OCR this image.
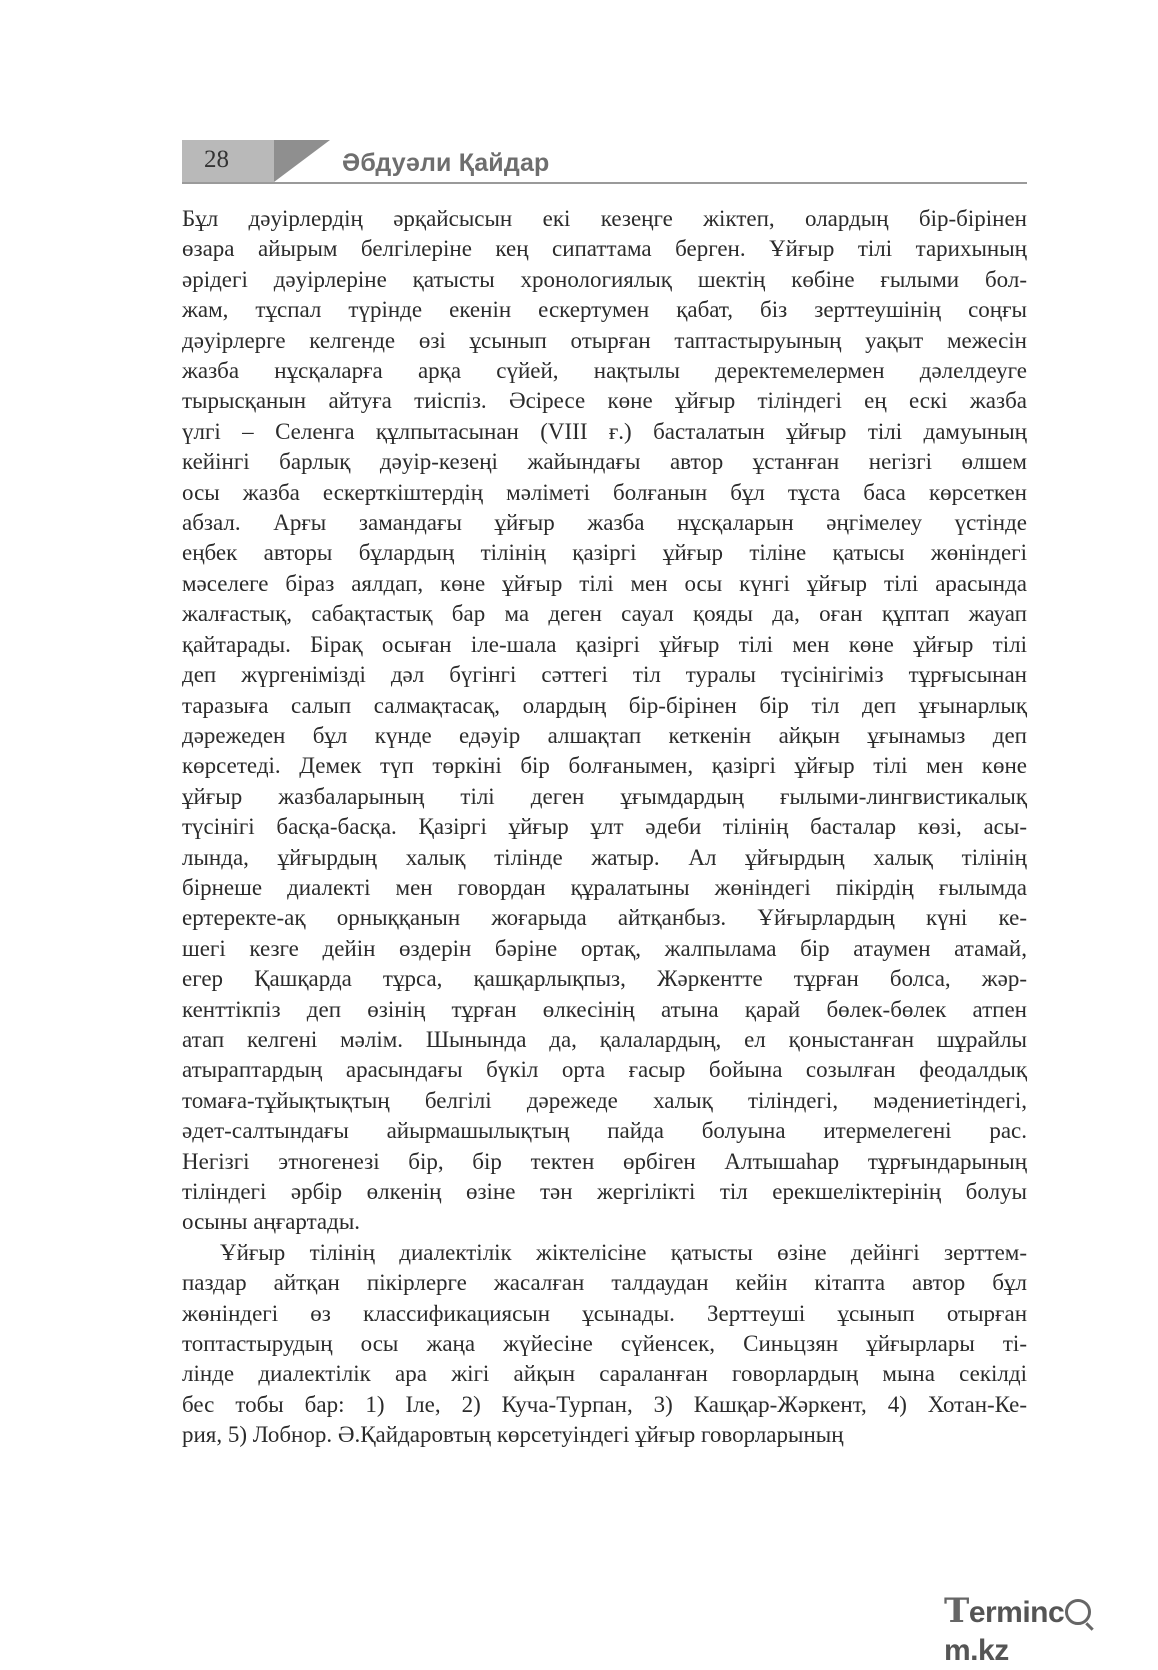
28	Әбдуәли Қайдар

Бұл дәуірлердің әрқайсысын екі кезеңге жіктеп, олардың бір-бірінен

өзара айырым белгілеріне кең сипаттама берген. Ұйғыр тілі тарихының

әрідегі дәуірлеріне қатысты хронологиялық шектің көбіне ғылыми бол-

жам, тұспал түрінде екенін ескертумен қабат, біз зерттеушінің соңғы

дәуірлерге келгенде өзі ұсынып отырған таптастыруының уақыт межесін

жазба нұсқаларға арқа сүйей, нақтылы деректемелермен дәлелдеуге

тырысқанын айтуға тиіспіз. Әсіресе көне ұйғыр тіліндегі ең ескі жазба

үлгі – Селенга құлпытасынан (VIII ғ.) басталатын ұйғыр тілі дамуының

кейінгі барлық дәуір-кезеңі жайындағы автор ұстанған негізгі өлшем

осы жазба ескерткіштердің мәліметі болғанын бұл тұста баса көрсеткен

абзал. Арғы замандағы ұйғыр жазба нұсқаларын әңгімелеу үстінде

еңбек авторы бұлардың тілінің қазіргі ұйғыр тіліне қатысы жөніндегі

мәселеге біраз аялдап, көне ұйғыр тілі мен осы күнгі ұйғыр тілі арасында

жалғастық, сабақтастық бар ма деген сауал қояды да, оған құптап жауап

қайтарады. Бірақ осыған іле-шала қазіргі ұйғыр тілі мен көне ұйғыр тілі

деп жүргенімізді дәл бүгінгі сәттегі тіл туралы түсінігіміз тұрғысынан

таразыға салып салмақтасақ, олардың бір-бірінен бір тіл деп ұғынарлық

дәрежеден бұл күнде едәуір алшақтап кеткенін айқын ұғынамыз деп

көрсетеді. Демек түп төркіні бір болғанымен, қазіргі ұйғыр тілі мен көне

ұйғыр жазбаларының тілі деген ұғымдардың ғылыми-лингвистикалық

түсінігі басқа-басқа. Қазіргі ұйғыр ұлт әдеби тілінің басталар көзі, асы-

лында, ұйғырдың халық тілінде жатыр. Ал ұйғырдың халық тілінің

бірнеше диалекті мен говордан құралатыны жөніндегі пікірдің ғылымда

ертеректе-ақ орныққанын жоғарыда айтқанбыз. Ұйғырлардың күні ке-

шегі кезге дейін өздерін бәріне ортақ, жалпылама бір атаумен атамай,

егер Қашқарда тұрса, қашқарлықпыз, Жәркентте тұрған болса, жәр-

кенттікпіз деп өзінің тұрған өлкесінің атына қарай бөлек-бөлек атпен

атап келгені мәлім. Шынында да, қалалардың, ел қоныстанған шұрайлы

атырaптардың арасындағы бүкіл орта ғасыр бойына созылған феодалдық

томаға-тұйықтықтың белгілі дәрежеде халық тіліндегі, мәдениетіндегі,

әдет-салтындағы айырмашылықтың пайда болуына итермелегені рас.

Негізгі этногенезі бір, бір тектен өрбіген Алтышаһар тұрғындарының

тіліндегі әрбір өлкенің өзіне тән жергілікті тіл ерекшеліктерінің болуы

осыны аңғартады.

Ұйғыр тілінің диалектілік жіктелісіне қатысты өзіне дейінгі зерттем-

паздар айтқан пікірлерге жасалған талдаудан кейін кітапта автор бұл

жөніндегі өз классификациясын ұсынады. Зерттеуші ұсынып отырған

топтастырудың осы жаңа жүйесіне сүйенсек, Синьцзян ұйғырлары ті-

лінде диалектілік ара жігі айқын сараланған говорлардың мына секілді

бес тобы бар: 1) Іле, 2) Куча-Турпан, 3) Кашқар-Жәркент, 4) Хотан-Ке-

рия, 5) Лобнор. Ә.Қайдаровтың көрсетуіндегі ұйғыр говорларының

Termincm.kz
